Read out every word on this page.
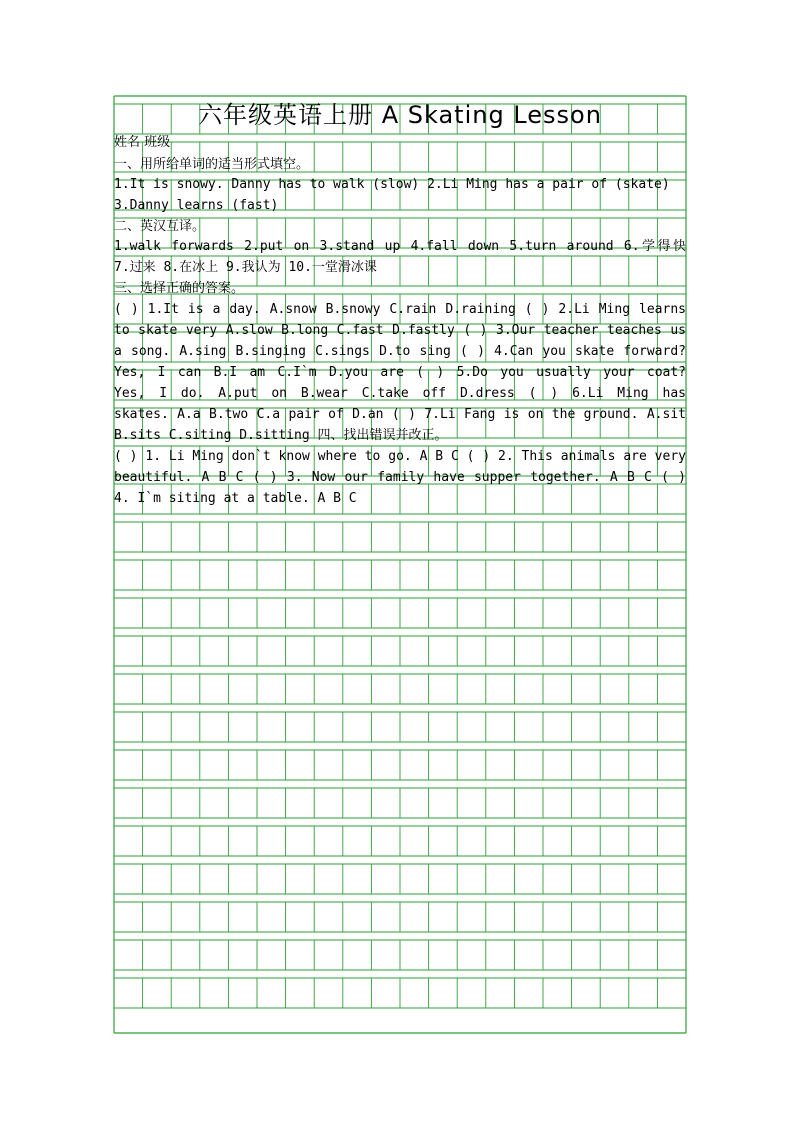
六年级英语上册 A Skating Lesson
姓名 班级
一、用所给单词的适当形式填空。
1.It is snowy. Danny has to walk (slow) 2.Li Ming has a pair of (skate)
3.Danny learns (fast)
二、英汉互译。
1.walk forwards 2.put on 3.stand up 4.fall down 5.turn around 6.学得快
7.过来 8.在冰上 9.我认为 10.一堂滑冰课
三、选择正确的答案。
( ) 1.It is a day. A.snow B.snowy C.rain D.raining ( ) 2.Li Ming learns
to skate very A.slow B.long C.fast D.fastly ( ) 3.Our teacher teaches us
a song. A.sing B.singing C.sings D.to sing ( ) 4.Can you skate forward?
Yes, I can B.I am C.I`m D.you are ( ) 5.Do you usually your coat?
Yes, I do. A.put on B.wear C.take off D.dress ( ) 6.Li Ming has
skates. A.a B.two C.a pair of D.an ( ) 7.Li Fang is on the ground. A.sit
B.sits C.siting D.sitting 四、找出错误并改正。
( ) 1. Li Ming don`t know where to go. A B C ( ) 2. This animals are very
beautiful. A B C ( ) 3. Now our family have supper together. A B C ( )
4. I`m siting at a table. A B C
